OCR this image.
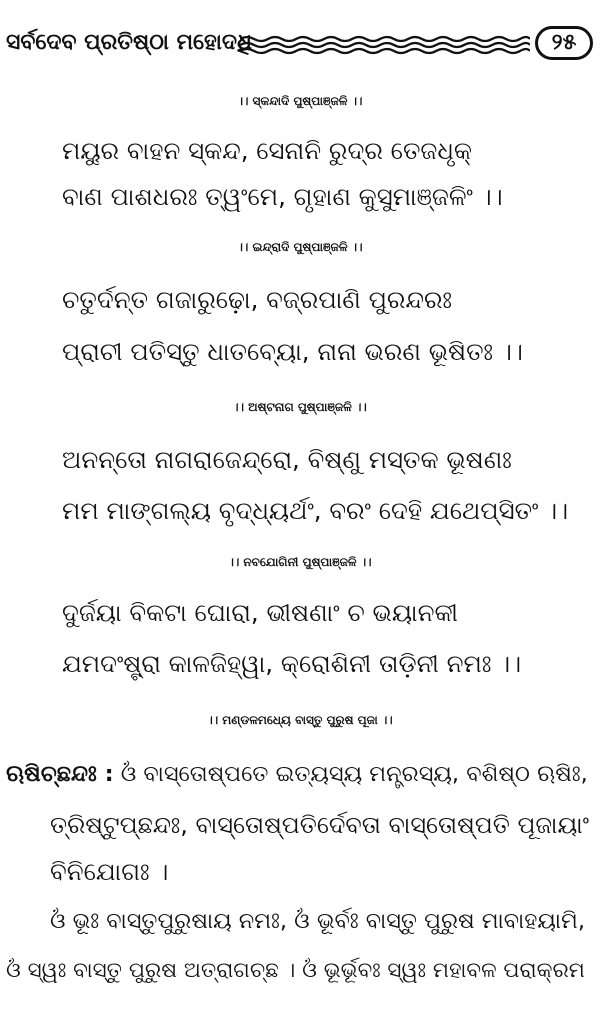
ସର୍ବଦେବ ପ୍ରତିଷ୍ଠା ମହୋଦଧି	୨୫
।। ସ୍କନ୍ଦାଦି ପୁଷ୍ପାଞ୍ଜଳି ।।
ମୟୁର ବାହନ ସ୍କନ୍ଦ, ସେନାନି ରୁଦ୍ର ତେଜଧୃକ୍
ବାଣ ପାଶଧରଃ ତ୍ୱଂମେ, ଗୃହାଣ କୁସୁମାଞ୍ଜଳିଂ ।।
।। ଇନ୍ଦ୍ରାଦି ପୁଷ୍ପାଞ୍ଜଳି ।।
ଚତୁର୍ଦନ୍ତ ଗଜାରୁଢ଼ୋ, ବଜ୍ରପାଣି ପୁରନ୍ଦରଃ
ପ୍ରାଚୀ ପତିସ୍ତୁ ଧାତବ୍ୟୋ, ନାନା ଭରଣ ଭୂଷିତଃ ।।
।। ଅଷ୍ଟନାଗ ପୁଷ୍ପାଞ୍ଜଳି ।।
ଅନନ୍ତୋ ନାଗରାଜେନ୍ଦ୍ରୋ, ବିଷ୍ଣୁ ମସ୍ତକ ଭୂଷଣଃ
ମମ ମାଙ୍ଗଲ୍ୟ ବୃଦ୍ଧ୍ୟର୍ଥଂ, ବରଂ ଦେହି ଯଥେପ୍ସିତଂ ।।
।। ନବଯୋଗିନୀ ପୁଷ୍ପାଞ୍ଜଳି ।।
ଦୁର୍ଜୟା ବିକଟା ଘୋରା, ଭୀଷଣାଂ ଚ ଭୟାନକୀ
ଯମଦଂଷ୍ଟ୍ରା କାଳଜିହ୍ୱା, କ୍ରୋଶିନୀ ତାଡ଼ିନୀ ନମଃ ।।
।। ମଣ୍ଡଳମଧ୍ୟେ ବାସ୍ତୁ ପୁରୁଷ ପୂଜା ।।
ଋଷିଚ୍ଛନ୍ଦଃ : ଓଁ ବାସ୍ତୋଷ୍ପତେ ଇତ୍ୟସ୍ୟ ମନ୍ତ୍ରସ୍ୟ, ବଶିଷ୍ଠ ଋଷିଃ,
ତ୍ରିଷ୍ଟୁପ୍‌ଛନ୍ଦଃ, ବାସ୍ତୋଷ୍ପତିର୍ଦେବତା ବାସ୍ତୋଷ୍ପତି ପୂଜାୟାଂ
ବିନିଯୋଗଃ ।
ଓଁ ଭୂଃ ବାସ୍ତୁପୁରୁଷାୟ ନମଃ, ଓଁ ଭୂର୍ବଃ ବାସ୍ତୁ ପୁରୁଷ ମାବାହୟାମି,
ଓଁ ସ୍ୱଃ ବାସ୍ତୁ ପୁରୁଷ ଅତ୍ରାଗଚ୍ଛ । ଓଁ ଭୂର୍ଭୂବଃ ସ୍ୱଃ ମହାବଳ ପରାକ୍ରମ
